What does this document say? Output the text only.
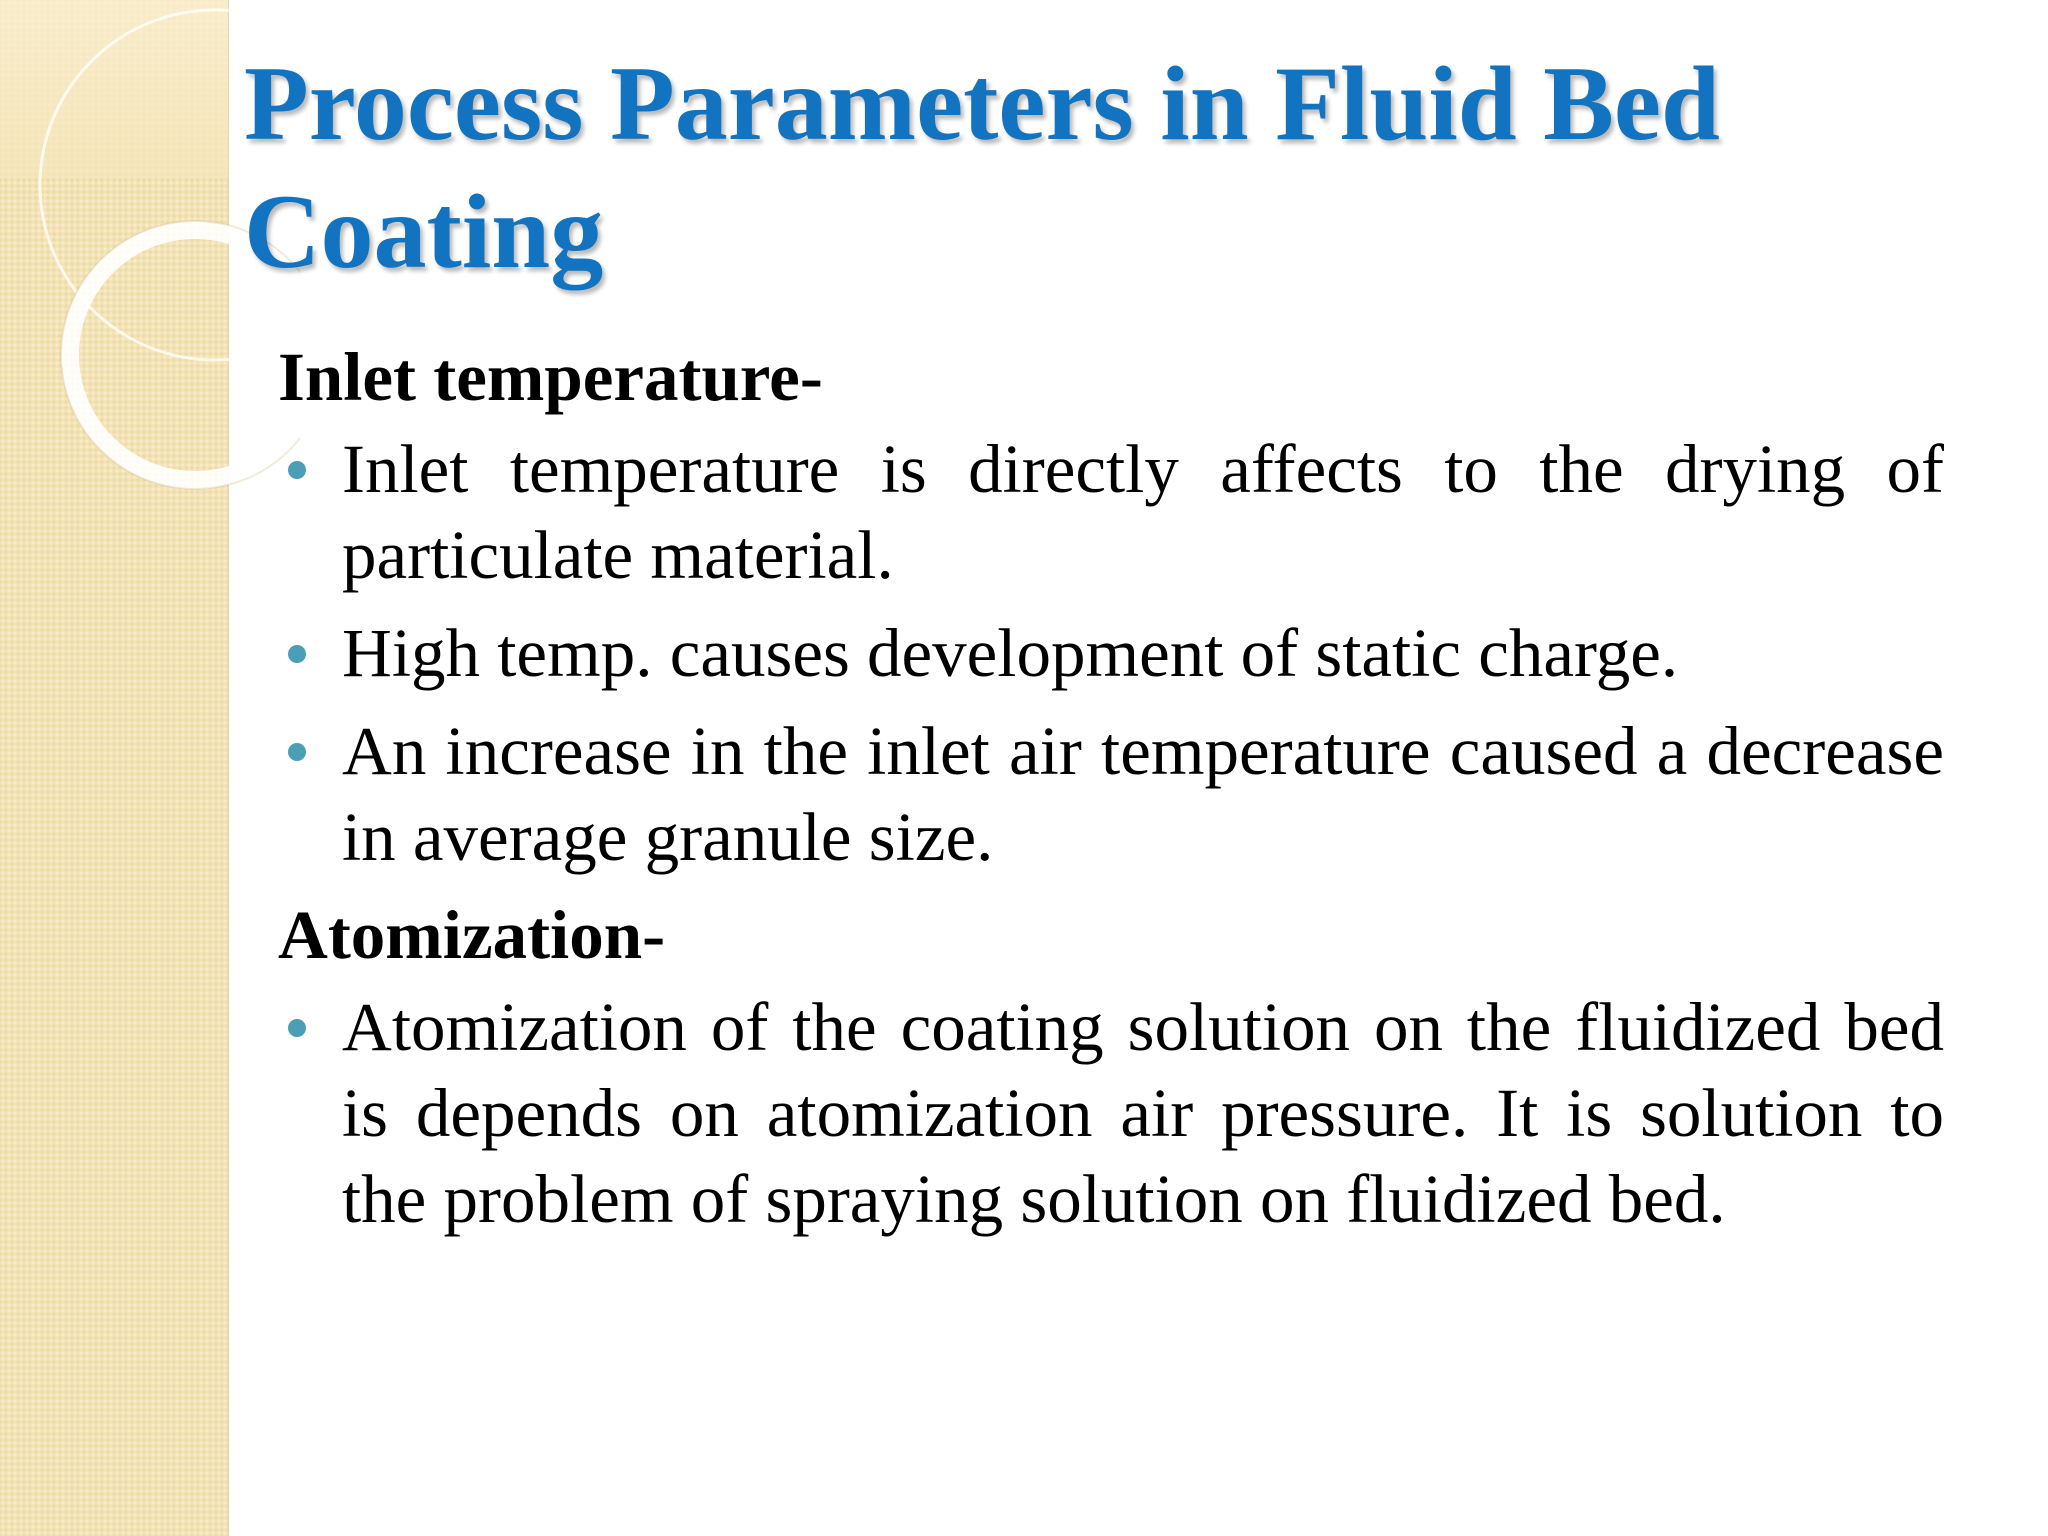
Process Parameters in Fluid Bed Coating
Inlet temperature-
Inlet temperature is directly affects to the drying of particulate material.
High temp. causes development of static charge.
An increase in the inlet air temperature caused a decrease in average granule size.
Atomization-
Atomization of the coating solution on the fluidized bed is depends on atomization air pressure. It is solution to the problem of spraying solution on fluidized bed.
